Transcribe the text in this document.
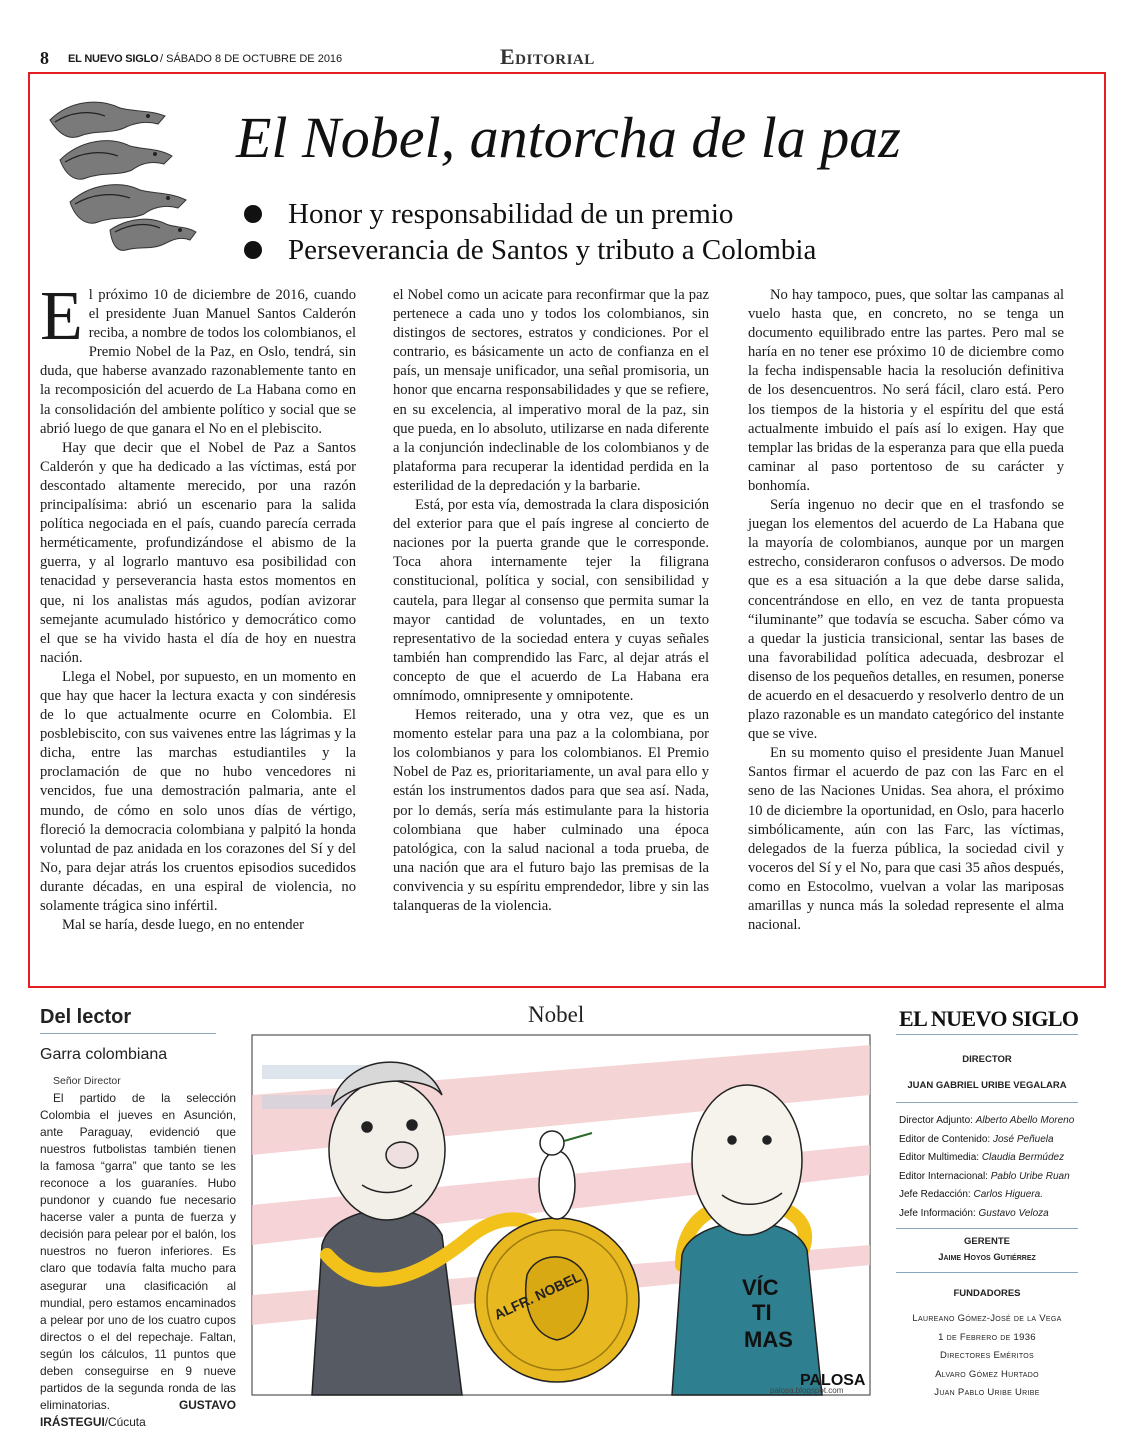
8 EL NUEVO SIGLO / SÁBADO 8 DE OCTUBRE DE 2016	Editorial
El Nobel, antorcha de la paz
Honor y responsabilidad de un premio
Perseverancia de Santos y tributo a Colombia

El próximo 10 de diciembre de 2016, cuando el presidente Juan Manuel Santos Calderón reciba, a nombre de todos los colombianos, el Premio Nobel de la Paz, en Oslo, tendrá, sin duda, que haberse avanzado razonablemente tanto en la recomposición del acuerdo de La Habana como en la consolidación del ambiente político y social que se abrió luego de que ganara el No en el plebiscito.

Hay que decir que el Nobel de Paz a Santos Calderón y que ha dedicado a las víctimas, está por descontado altamente merecido, por una razón principalísima: abrió un escenario para la salida política negociada en el país, cuando parecía cerrada herméticamente, profundizándose el abismo de la guerra, y al lograrlo mantuvo esa posibilidad con tenacidad y perseverancia hasta estos momentos en que, ni los analistas más agudos, podían avizorar semejante acumulado histórico y democrático como el que se ha vivido hasta el día de hoy en nuestra nación.

Llega el Nobel, por supuesto, en un momento en que hay que hacer la lectura exacta y con sindéresis de lo que actualmente ocurre en Colombia. El posblebiscito, con sus vaivenes entre las lágrimas y la dicha, entre las marchas estudiantiles y la proclamación de que no hubo vencedores ni vencidos, fue una demostración palmaria, ante el mundo, de cómo en solo unos días de vértigo, floreció la democracia colombiana y palpitó la honda voluntad de paz anidada en los corazones del Sí y del No, para dejar atrás los cruentos episodios sucedidos durante décadas, en una espiral de violencia, no solamente trágica sino infértil.

Mal se haría, desde luego, en no entender

el Nobel como un acicate para reconfirmar que la paz pertenece a cada uno y todos los colombianos, sin distingos de sectores, estratos y condiciones. Por el contrario, es básicamente un acto de confianza en el país, un mensaje unificador, una señal promisoria, un honor que encarna responsabilidades y que se refiere, en su excelencia, al imperativo moral de la paz, sin que pueda, en lo absoluto, utilizarse en nada diferente a la conjunción indeclinable de los colombianos y de plataforma para recuperar la identidad perdida en la esterilidad de la depredación y la barbarie.

Está, por esta vía, demostrada la clara disposición del exterior para que el país ingrese al concierto de naciones por la puerta grande que le corresponde. Toca ahora internamente tejer la filigrana constitucional, política y social, con sensibilidad y cautela, para llegar al consenso que permita sumar la mayor cantidad de voluntades, en un texto representativo de la sociedad entera y cuyas señales también han comprendido las Farc, al dejar atrás el concepto de que el acuerdo de La Habana era omnímodo, omnipresente y omnipotente.

Hemos reiterado, una y otra vez, que es un momento estelar para una paz a la colombiana, por los colombianos y para los colombianos. El Premio Nobel de Paz es, prioritariamente, un aval para ello y están los instrumentos dados para que sea así. Nada, por lo demás, sería más estimulante para la historia colombiana que haber culminado una época patológica, con la salud nacional a toda prueba, de una nación que ara el futuro bajo las premisas de la convivencia y su espíritu emprendedor, libre y sin las talanqueras de la violencia.

No hay tampoco, pues, que soltar las campanas al vuelo hasta que, en concreto, no se tenga un documento equilibrado entre las partes. Pero mal se haría en no tener ese próximo 10 de diciembre como la fecha indispensable hacia la resolución definitiva de los desencuentros. No será fácil, claro está. Pero los tiempos de la historia y el espíritu del que está actualmente imbuido el país así lo exigen. Hay que templar las bridas de la esperanza para que ella pueda caminar al paso portentoso de su carácter y bonhomía.

Sería ingenuo no decir que en el trasfondo se juegan los elementos del acuerdo de La Habana que la mayoría de colombianos, aunque por un margen estrecho, consideraron confusos o adversos. De modo que es a esa situación a la que debe darse salida, concentrándose en ello, en vez de tanta propuesta “iluminante” que todavía se escucha. Saber cómo va a quedar la justicia transicional, sentar las bases de una favorabilidad política adecuada, desbrozar el disenso de los pequeños detalles, en resumen, ponerse de acuerdo en el desacuerdo y resolverlo dentro de un plazo razonable es un mandato categórico del instante que se vive.

En su momento quiso el presidente Juan Manuel Santos firmar el acuerdo de paz con las Farc en el seno de las Naciones Unidas. Sea ahora, el próximo 10 de diciembre la oportunidad, en Oslo, para hacerlo simbólicamente, aún con las Farc, las víctimas, delegados de la fuerza pública, la sociedad civil y voceros del Sí y el No, para que casi 35 años después, como en Estocolmo, vuelvan a volar las mariposas amarillas y nunca más la soledad represente el alma nacional.

Del lector
Garra colombiana
Señor Director
El partido de la selección Colombia el jueves en Asunción, ante Paraguay, evidenció que nuestros futbolistas también tienen la famosa “garra” que tanto se les reconoce a los guaraníes. Hubo pundonor y cuando fue necesario hacerse valer a punta de fuerza y decisión para pelear por el balón, los nuestros no fueron inferiores. Es claro que todavía falta mucho para asegurar una clasificación al mundial, pero estamos encaminados a pelear por uno de los cuatro cupos directos o el del repechaje. Faltan, según los cálculos, 11 puntos que deben conseguirse en 9 nueve partidos de la segunda ronda de las eliminatorias.	GUSTAVO IRÁSTEGUI/Cúcuta
Nobel
ALFR. NOBEL	VÍC
TI
MAS
PALOSA
palosa.blogspot.com
EL NUEVO SIGLO
DIRECTOR
JUAN GABRIEL URIBE VEGALARA
Director Adjunto: Alberto Abello Moreno
Editor de Contenido: José Peñuela
Editor Multimedia: Claudia Bermúdez
Editor Internacional: Pablo Uribe Ruan
Jefe Redacción: Carlos Higuera.
Jefe Información: Gustavo Veloza
GERENTE
Jaime Hoyos Gutiérrez
FUNDADORES
Laureano Gómez-José de la Vega
1 de Febrero de 1936
Directores Eméritos
Alvaro Gómez Hurtado
Juan Pablo Uribe Uribe
